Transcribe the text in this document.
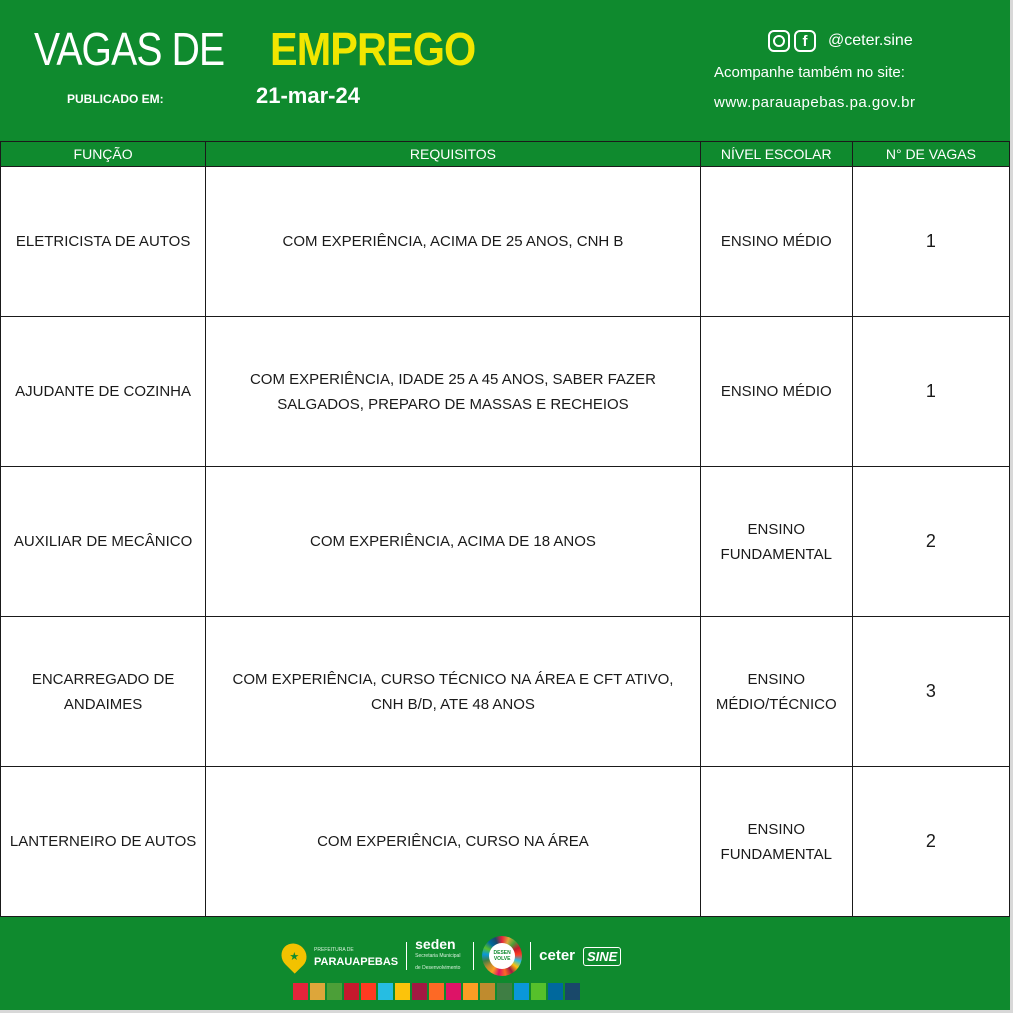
VAGAS DE EMPREGO
PUBLICADO EM:	21-mar-24
f	@ceter.sine
Acompanhe também no site:
www.parauapebas.pa.gov.br
FUNÇÃO	REQUISITOS	NÍVEL ESCOLAR	N° DE VAGAS
ELETRICISTA DE AUTOS	COM EXPERIÊNCIA, ACIMA DE 25 ANOS, CNH B	ENSINO MÉDIO	1
AJUDANTE DE COZINHA	COM EXPERIÊNCIA, IDADE 25 A 45 ANOS, SABER FAZER SALGADOS, PREPARO DE MASSAS E RECHEIOS	ENSINO MÉDIO	1
AUXILIAR DE MECÂNICO	COM EXPERIÊNCIA, ACIMA DE 18 ANOS	ENSINO FUNDAMENTAL	2
ENCARREGADO DE ANDAIMES	COM EXPERIÊNCIA, CURSO TÉCNICO NA ÁREA E CFT ATIVO, CNH B/D, ATE 48 ANOS	ENSINO MÉDIO/TÉCNICO	3
LANTERNEIRO DE AUTOS	COM EXPERIÊNCIA, CURSO NA ÁREA	ENSINO FUNDAMENTAL	2
★
PREFEITURA DE
PARAUAPEBAS
seden
Secretaria Municipal de Desenvolvimento
DESEN VOLVE	ceter SINE
